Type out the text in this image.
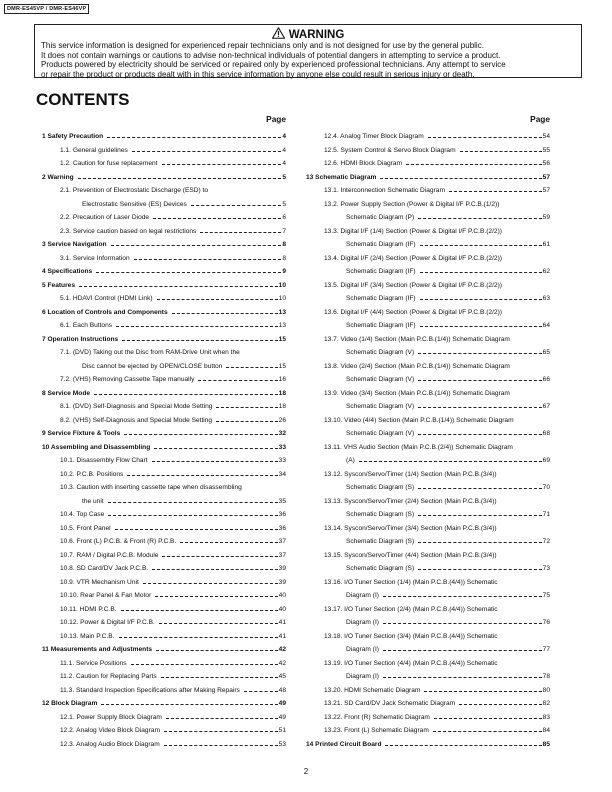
DMR-ES45VP / DMR-ES46VP
WARNING
This service information is designed for experienced repair technicians only and is not designed for use by the general public.
It does not contain warnings or cautions to advise non-technical individuals of potential dangers in attempting to service a product.
Products powered by electricity should be serviced or repaired only by experienced professional technicians. Any attempt to service
or repair the product or products dealt with in this service information by anyone else could result in serious injury or death.
CONTENTS
Page
1 Safety Precaution	4
1.1. General guidelines	4
1.2. Caution for fuse replacement	4
2 Warning	5
2.1. Prevention of Electrostatic Discharge (ESD) to
Electrostatic Sensitive (ES) Devices	5
2.2. Precaution of Laser Diode	6
2.3. Service caution based on legal restrictions	7
3 Service Navigation	8
3.1. Service Information	8
4 Specifications	9
5 Features	10
5.1. HDAVI Control (HDMI Link)	10
6 Location of Controls and Components	13
6.1. Each Buttons	13
7 Operation Instructions	15
7.1. (DVD) Taking out the Disc from RAM-Drive Unit when the
Disc cannot be ejected by OPEN/CLOSE button	15
7.2. (VHS) Removing Cassette Tape manually	16
8 Service Mode	18
8.1. (DVD) Self-Diagnosis and Special Mode Setting	18
8.2. (VHS) Self-Diagnosis and Special Mode Setting	26
9 Service Fixture & Tools	32
10 Assembling and Disassembling	33
10.1. Disassembly Flow Chart	33
10.2. P.C.B. Positions	34
10.3. Caution with inserting cassette tape when disassembling
the unit	35
10.4. Top Case	36
10.5. Front Panel	36
10.6. Front (L) P.C.B. & Front (R) P.C.B.	37
10.7. RAM / Digital P.C.B. Module	37
10.8. SD Card/DV Jack P.C.B.	39
10.9. VTR Mechanism Unit	39
10.10. Rear Panel & Fan Motor	40
10.11. HDMI P.C.B.	40
10.12. Power & Digital I/F P.C.B.	41
10.13. Main P.C.B.	41
11 Measurements and Adjustments	42
11.1. Service Positions	42
11.2. Caution for Replacing Parts	45
11.3. Standard Inspection Specifications after Making Repairs	48
12 Block Diagram	49
12.1. Power Supply Block Diagram	49
12.2. Analog Video Block Diagram	51
12.3. Analog Audio Block Diagram	53
Page
12.4. Analog Timer Block Diagram	54
12.5. System Control & Servo Block Diagram	55
12.6. HDMI Block Diagram	56
13 Schematic Diagram	57
13.1. Interconnection Schematic Diagram	57
13.2. Power Supply Section (Power & Digital I/F P.C.B.(1/2))
Schematic Diagram (P)	59
13.3. Digital I/F (1/4) Section (Power & Digital I/F P.C.B.(2/2))
Schematic Diagram (IF)	61
13.4. Digital I/F (2/4) Section (Power & Digital I/F P.C.B.(2/2))
Schematic Diagram (IF)	62
13.5. Digital I/F (3/4) Section (Power & Digital I/F P.C.B.(2/2))
Schematic Diagram (IF)	63
13.6. Digital I/F (4/4) Section (Power & Digital I/F P.C.B.(2/2))
Schematic Diagram (IF)	64
13.7. Video (1/4) Section (Main P.C.B.(1/4)) Schematic Diagram
Schematic Diagram (V)	65
13.8. Video (2/4) Section (Main P.C.B.(1/4)) Schematic Diagram
Schematic Diagram (V)	66
13.9. Video (3/4) Section (Main P.C.B.(1/4)) Schematic Diagram
Schematic Diagram (V)	67
13.10. Video (4/4) Section (Main P.C.B.(1/4)) Schematic Diagram
Schematic Diagram (V)	68
13.11. VHS Audio Section (Main P.C.B.(2/4)) Schematic Diagram
(A)	69
13.12. Syscon/Servo/Timer (1/4) Section (Main P.C.B.(3/4))
Schematic Diagram (S)	70
13.13. Syscon/Servo/Timer (2/4) Section (Main P.C.B.(3/4))
Schematic Diagram (S)	71
13.14. Syscon/Servo/Timer (3/4) Section (Main P.C.B.(3/4))
Schematic Diagram (S)	72
13.15. Syscon/Servo/Timer (4/4) Section (Main P.C.B.(3/4))
Schematic Diagram (S)	73
13.16. I/O Tuner Section (1/4) (Main P.C.B.(4/4)) Schematic
Diagram (I)	75
13.17. I/O Tuner Section (2/4) (Main P.C.B.(4/4)) Schematic
Diagram (I)	76
13.18. I/O Tuner Section (3/4) (Main P.C.B.(4/4)) Schematic
Diagram (I)	77
13.19. I/O Tuner Section (4/4) (Main P.C.B.(4/4)) Schematic
Diagram (I)	78
13.20. HDMI Schematic Diagram	80
13.21. SD Card/DV Jack Schematic Diagram	82
13.22. Front (R) Schematic Diagram	83
13.23. Front (L) Schematic Diagram	84
14 Printed Circuit Board	85
2
